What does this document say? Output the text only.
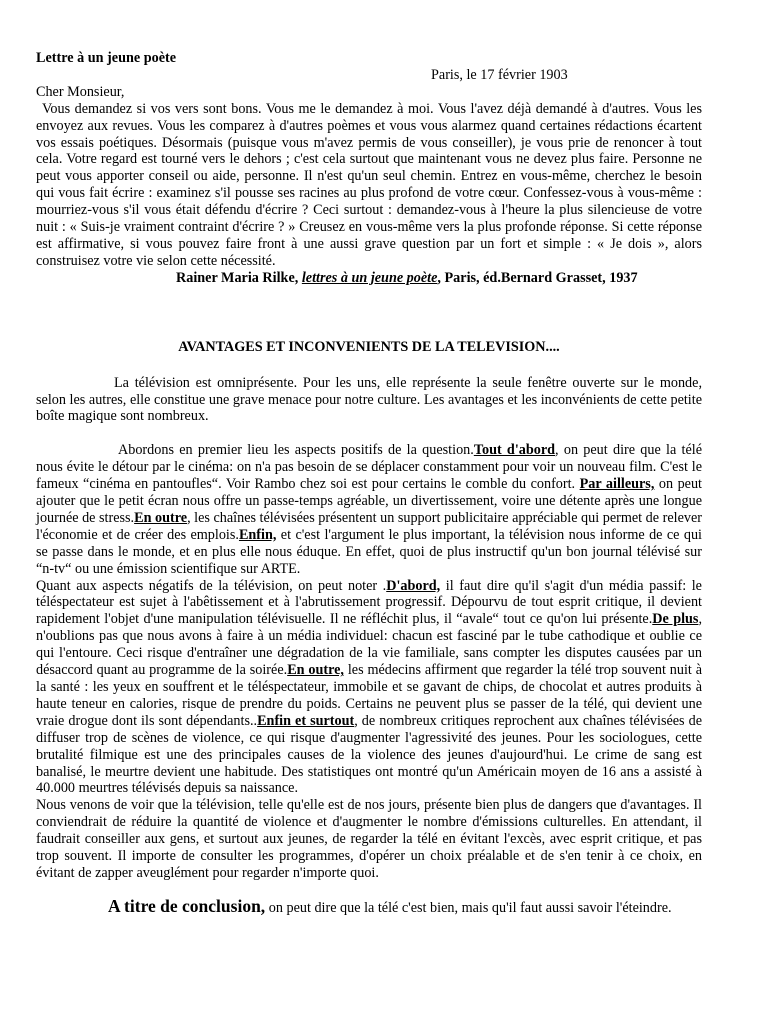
Lettre à un jeune poète

Paris, le 17 février 1903

Cher Monsieur,

Vous demandez si vos vers sont bons. Vous me le demandez à moi. Vous l'avez déjà demandé à d'autres. Vous les envoyez aux revues. Vous les comparez à d'autres poèmes et vous vous alarmez quand certaines rédactions écartent vos essais poétiques. Désormais (puisque vous m'avez permis de vous conseiller), je vous prie de renoncer à tout cela. Votre regard est tourné vers le dehors ; c'est cela surtout que maintenant vous ne devez plus faire. Personne ne peut vous apporter conseil ou aide, personne. Il n'est qu'un seul chemin. Entrez en vous-même, cherchez le besoin qui vous fait écrire : examinez s'il pousse ses racines au plus profond de votre cœur. Confessez-vous à vous-même : mourriez-vous s'il vous était défendu d'écrire ? Ceci surtout : demandez-vous à l'heure la plus silencieuse de votre nuit : « Suis-je vraiment contraint d'écrire ? » Creusez en vous-même vers la plus profonde réponse. Si cette réponse est affirmative, si vous pouvez faire front à une aussi grave question par un fort et simple : « Je dois », alors construisez votre vie selon cette nécessité.

Rainer Maria Rilke, lettres à un jeune poète, Paris, éd.Bernard Grasset, 1937

AVANTAGES ET INCONVENIENTS DE LA TELEVISION....

La télévision est omniprésente. Pour les uns, elle représente la seule fenêtre ouverte sur le monde, selon les autres, elle constitue une grave menace pour notre culture. Les avantages et les inconvénients de cette petite boîte magique sont nombreux.

Abordons en premier lieu les aspects positifs de la question.Tout d'abord, on peut dire que la télé nous évite le détour par le cinéma: on n'a pas besoin de se déplacer constamment pour voir un nouveau film. C'est le fameux “cinéma en pantoufles“. Voir Rambo chez soi est pour certains le comble du confort. Par ailleurs, on peut ajouter que le petit écran nous offre un passe-temps agréable, un divertissement, voire une détente après une longue journée de stress.En outre, les chaînes télévisées présentent un support publicitaire appréciable qui permet de relever l'économie et de créer des emplois.Enfin, et c'est l'argument le plus important, la télévision nous informe de ce qui se passe dans le monde, et en plus elle nous éduque. En effet, quoi de plus instructif qu'un bon journal télévisé sur “n-tv“ ou une émission scientifique sur ARTE.

Quant aux aspects négatifs de la télévision, on peut noter .D'abord, il faut dire qu'il s'agit d'un média passif: le téléspectateur est sujet à l'abêtissement et à l'abrutissement progressif. Dépourvu de tout esprit critique, il devient rapidement l'objet d'une manipulation télévisuelle. Il ne réfléchit plus, il “avale“ tout ce qu'on lui présente.De plus, n'oublions pas que nous avons à faire à un média individuel: chacun est fasciné par le tube cathodique et oublie ce qui l'entoure. Ceci risque d'entraîner une dégradation de la vie familiale, sans compter les disputes causées par un désaccord quant au programme de la soirée.En outre, les médecins affirment que regarder la télé trop souvent nuit à la santé : les yeux en souffrent et le téléspectateur, immobile et se gavant de chips, de chocolat et autres produits à haute teneur en calories, risque de prendre du poids. Certains ne peuvent plus se passer de la télé, qui devient une vraie drogue dont ils sont dépendants..Enfin et surtout, de nombreux critiques reprochent aux chaînes télévisées de diffuser trop de scènes de violence, ce qui risque d'augmenter l'agressivité des jeunes. Pour les sociologues, cette brutalité filmique est une des principales causes de la violence des jeunes d'aujourd'hui. Le crime de sang est banalisé, le meurtre devient une habitude. Des statistiques ont montré qu'un Américain moyen de 16 ans a assisté à 40.000 meurtres télévisés depuis sa naissance.

Nous venons de voir que la télévision, telle qu'elle est de nos jours, présente bien plus de dangers que d'avantages. Il conviendrait de réduire la quantité de violence et d'augmenter le nombre d'émissions culturelles. En attendant, il faudrait conseiller aux gens, et surtout aux jeunes, de regarder la télé en évitant l'excès, avec esprit critique, et pas trop souvent. Il importe de consulter les programmes, d'opérer un choix préalable et de s'en tenir à ce choix, en évitant de zapper aveuglément pour regarder n'importe quoi.

A titre de conclusion, on peut dire que la télé c'est bien, mais qu'il faut aussi savoir l'éteindre.
